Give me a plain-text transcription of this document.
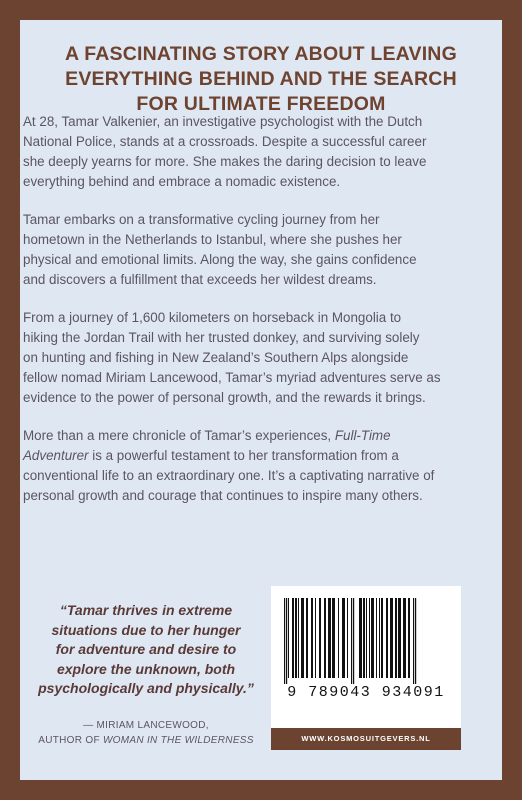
A FASCINATING STORY ABOUT LEAVING
EVERYTHING BEHIND AND THE SEARCH
FOR ULTIMATE FREEDOM

At 28, Tamar Valkenier, an investigative psychologist with the Dutch
National Police, stands at a crossroads. Despite a successful career
she deeply yearns for more. She makes the daring decision to leave
everything behind and embrace a nomadic existence.

Tamar embarks on a transformative cycling journey from her
hometown in the Netherlands to Istanbul, where she pushes her
physical and emotional limits. Along the way, she gains confidence
and discovers a fulfillment that exceeds her wildest dreams.

From a journey of 1,600 kilometers on horseback in Mongolia to
hiking the Jordan Trail with her trusted donkey, and surviving solely
on hunting and fishing in New Zealand’s Southern Alps alongside
fellow nomad Miriam Lancewood, Tamar’s myriad adventures serve as
evidence to the power of personal growth, and the rewards it brings.

More than a mere chronicle of Tamar’s experiences, Full-Time
Adventurer is a powerful testament to her transformation from a
conventional life to an extraordinary one. It’s a captivating narrative of
personal growth and courage that continues to inspire many others.

“Tamar thrives in extreme
situations due to her hunger
for adventure and desire to
explore the unknown, both
psychologically and physically.”
— MIRIAM LANCEWOOD,
AUTHOR OF WOMAN IN THE WILDERNESS
9 789043 934091
WWW.KOSMOSUITGEVERS.NL
